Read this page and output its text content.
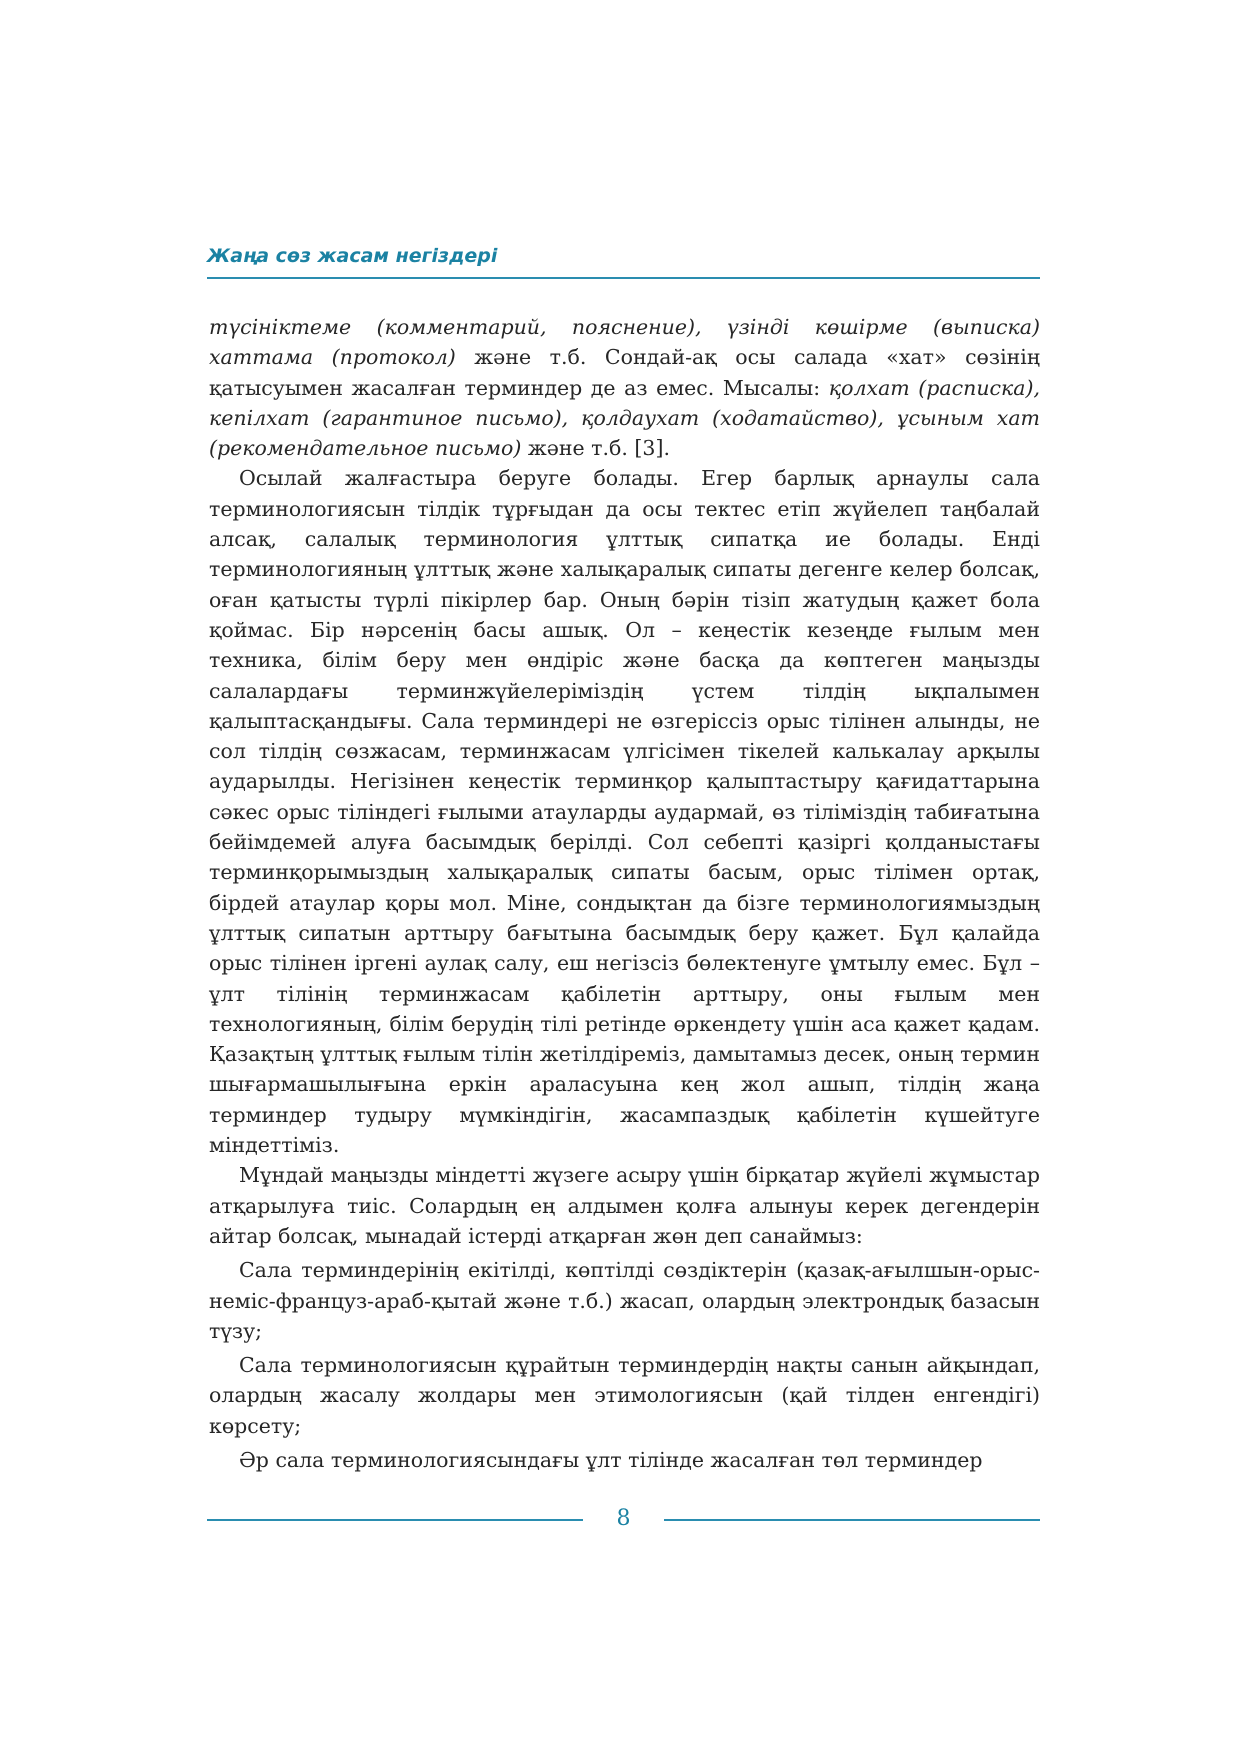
Жаңа сөз жасам негіздері

түсініктеме (комментарий, пояснение), үзінді көшірме (выписка) хаттама (протокол) және т.б. Сондай-ақ осы салада «хат» сөзінің қатысуымен жасалған терминдер де аз емес. Мысалы: қолхат (расписка), кепілхат (гарантиное письмо), қолдаухат (ходатайство), ұсыным хат (рекомендательное письмо) және т.б. [3].

Осылай жалғастыра беруге болады. Егер барлық арнаулы сала терминологиясын тілдік тұрғыдан да осы тектес етіп жүйелеп таңбалай алсақ, салалық терминология ұлттық сипатқа ие болады. Енді терминологияның ұлттық және халықаралық сипаты дегенге келер болсақ, оған қатысты түрлі пікірлер бар. Оның бәрін тізіп жатудың қажет бола қоймас. Бір нәрсенің басы ашық. Ол – кеңестік кезеңде ғылым мен техника, білім беру мен өндіріс және басқа да көптеген маңызды салалардағы терминжүйелеріміздің үстем тілдің ықпалымен қалыптасқандығы. Сала терминдері не өзгеріссіз орыс тілінен алынды, не сол тілдің сөзжасам, терминжасам үлгісімен тікелей калькалау арқылы аударылды. Негізінен кеңестік терминқор қалыптастыру қағидаттарына сәкес орыс тіліндегі ғылыми атауларды аудармай, өз тіліміздің табиғатына бейімдемей алуға басымдық берілді. Сол себепті қазіргі қолданыстағы терминқорымыздың халықаралық сипаты басым, орыс тілімен ортақ, бірдей атаулар қоры мол. Міне, сондықтан да бізге терминологиямыздың ұлттық сипатын арттыру бағытына басымдық беру қажет. Бұл қалайда орыс тілінен іргені аулақ салу, еш негізсіз бөлектенуге ұмтылу емес. Бұл – ұлт тілінің терминжасам қабілетін арттыру, оны ғылым мен технологияның, білім берудің тілі ретінде өркендету үшін аса қажет қадам. Қазақтың ұлттық ғылым тілін жетілдіреміз, дамытамыз десек, оның термин шығармашылығына еркін араласуына кең жол ашып, тілдің жаңа терминдер тудыру мүмкіндігін, жасампаздық қабілетін күшейтуге міндеттіміз.

Мұндай маңызды міндетті жүзеге асыру үшін бірқатар жүйелі жұмыстар атқарылуға тиіс. Солардың ең алдымен қолға алынуы керек дегендерін айтар болсақ, мынадай істерді атқарған жөн деп санаймыз:

Сала терминдерінің екітілді, көптілді сөздіктерін (қазақ-ағылшын-орыс-неміс-француз-араб-қытай және т.б.) жасап, олардың электрондық базасын түзу;

Сала терминологиясын құрайтын терминдердің нақты санын айқындап, олардың жасалу жолдары мен этимологиясын (қай тілден енгендігі) көрсету;

Әр сала терминологиясындағы ұлт тілінде жасалған төл терминдер

8
